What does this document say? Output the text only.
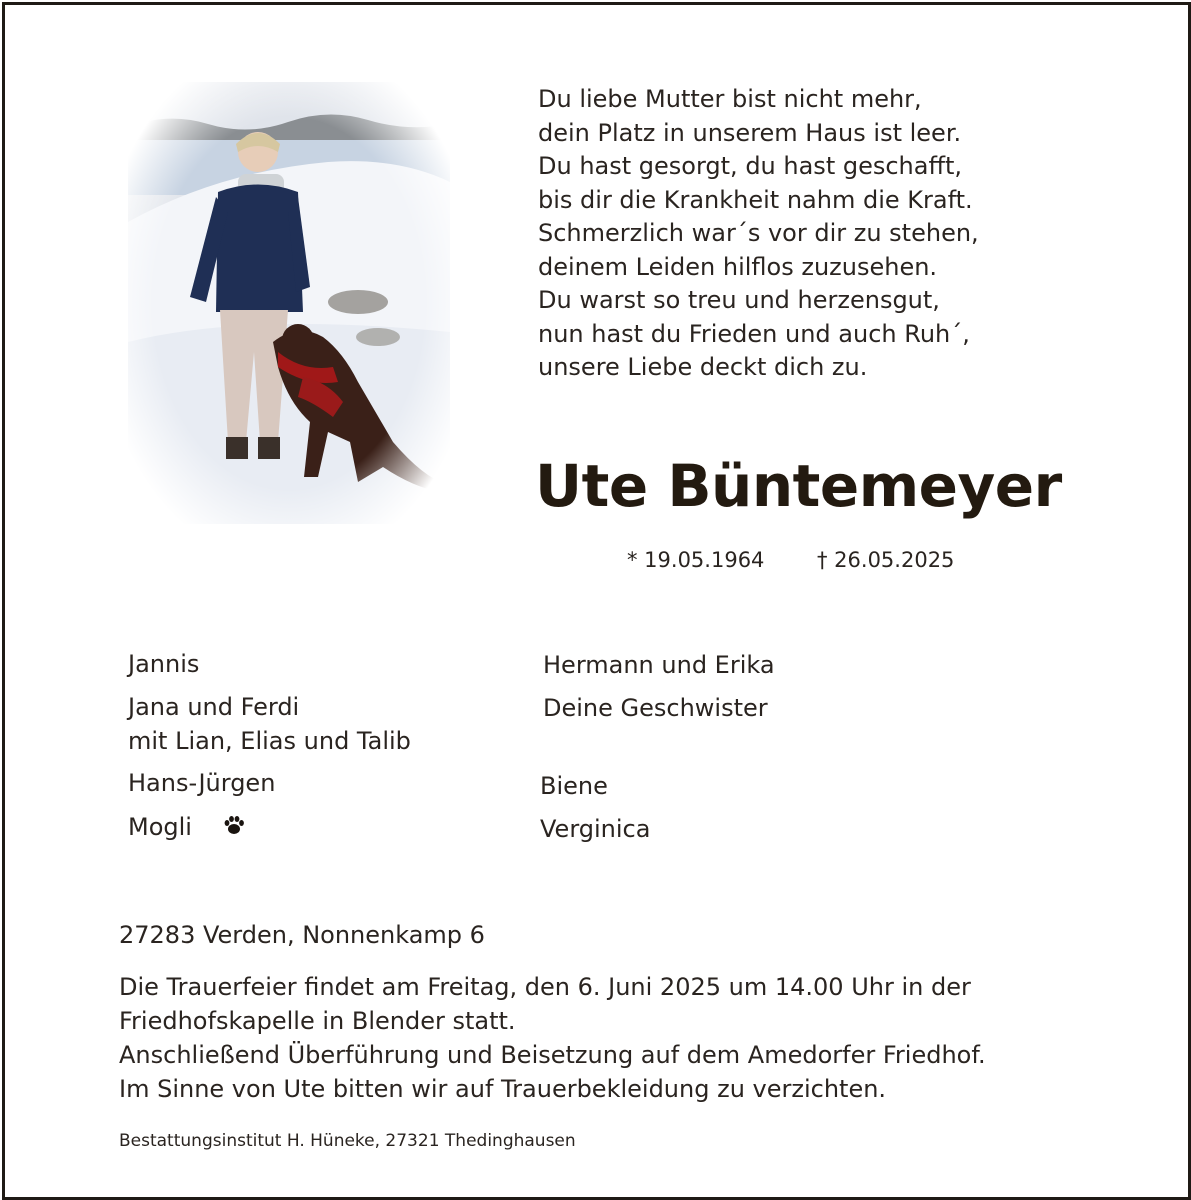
Du liebe Mutter bist nicht mehr,
dein Platz in unserem Haus ist leer.
Du hast gesorgt, du hast geschafft,
bis dir die Krankheit nahm die Kraft.
Schmerzlich war´s vor dir zu stehen,
deinem Leiden hilflos zuzusehen.
Du warst so treu und herzensgut,
nun hast du Frieden und auch Ruh´,
unsere Liebe deckt dich zu.
Ute Büntemeyer
* 19.05.1964	† 26.05.2025
Jannis
Jana und Ferdi
mit Lian, Elias und Talib
Hans-Jürgen
Mogli
Hermann und Erika
Deine Geschwister
Biene
Verginica
27283 Verden, Nonnenkamp 6
Die Trauerfeier findet am Freitag, den 6. Juni 2025 um 14.00 Uhr in der
Friedhofskapelle in Blender statt.
Anschließend Überführung und Beisetzung auf dem Amedorfer Friedhof.
Im Sinne von Ute bitten wir auf Trauerbekleidung zu verzichten.
Bestattungsinstitut H. Hüneke, 27321 Thedinghausen
